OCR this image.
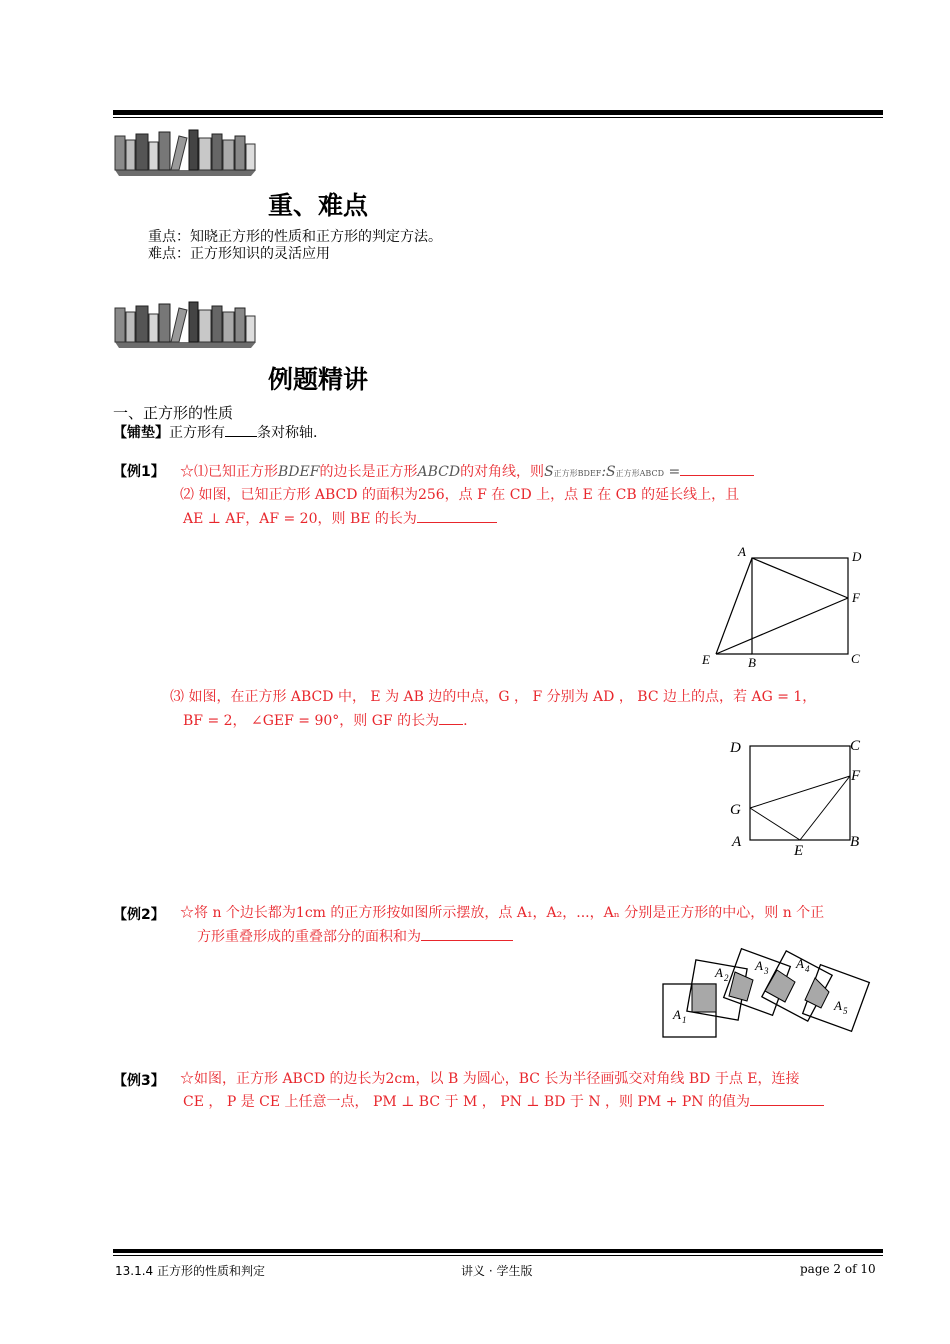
重、难点
重点：知晓正方形的性质和正方形的判定方法。
难点：正方形知识的灵活应用
例题精讲
一、正方形的性质
【铺垫】正方形有 条对称轴.
【例1】 ☆⑴已知正方形BDEF的边长是正方形ABCD的对角线，则S正方形BDEF:S正方形ABCD =
⑵ 如图，已知正方形 ABCD 的面积为256，点 F 在 CD 上，点 E 在 CB 的延长线上，且
AE ⊥ AF，AF = 20，则 BE 的长为
A	D
F
E	B	C
⑶ 如图，在正方形 ABCD 中， E 为 AB 边的中点，G ， F 分别为 AD ， BC 边上的点，若 AG = 1，
BF = 2， ∠GEF = 90°，则 GF 的长为 .
D	C
F
G
A
E
B
【例2】 ☆将 n 个边长都为1cm 的正方形按如图所示摆放，点 A₁，A₂，...，Aₙ 分别是正方形的中心，则 n 个正
方形重叠形成的重叠部分的面积和为
A 1
A 2
A 3 A 4
A 5
【例3】 ☆如图，正方形 ABCD 的边长为2cm，以 B 为圆心，BC 长为半径画弧交对角线 BD 于点 E，连接
CE ， P 是 CE 上任意一点， PM ⊥ BC 于 M ， PN ⊥ BD 于 N ，则 PM + PN 的值为
13.1.4 正方形的性质和判定	讲义 · 学生版	page 2 of 10
